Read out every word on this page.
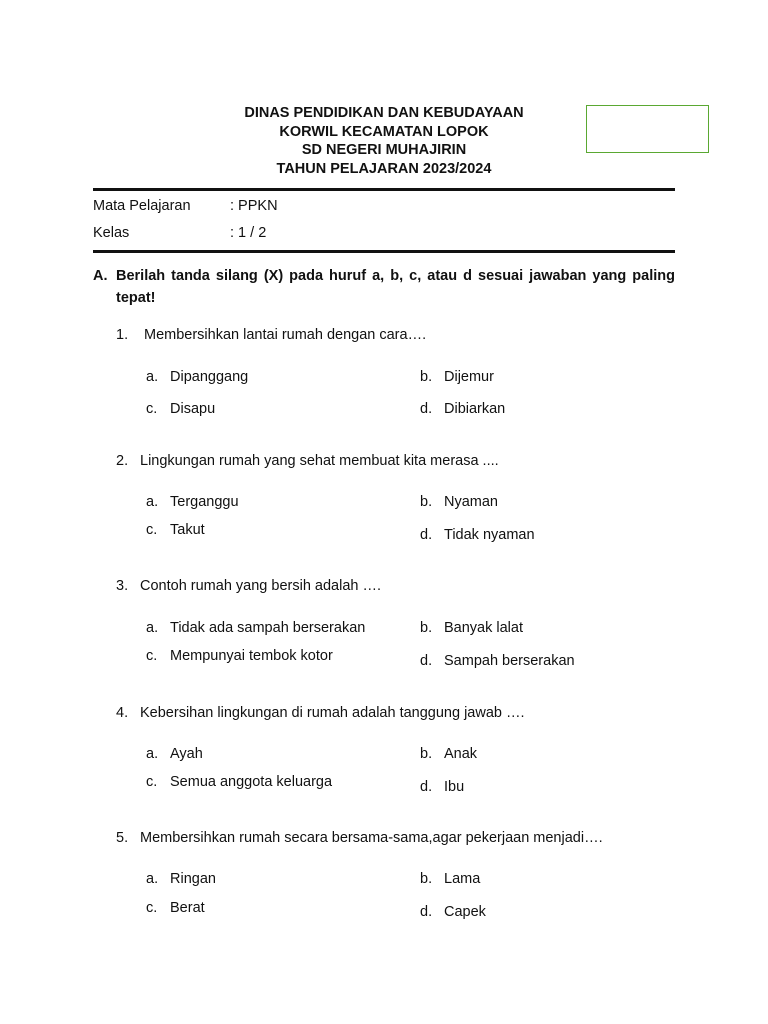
DINAS PENDIDIKAN DAN KEBUDAYAAN
KORWIL KECAMATAN LOPOK
SD NEGERI MUHAJIRIN
TAHUN PELAJARAN 2023/2024
Mata Pelajaran	: PPKN
Kelas	: 1 / 2
A. Berilah tanda silang (X) pada huruf a, b, c, atau d sesuai jawaban yang paling tepat!
1. Membersihkan lantai rumah dengan cara….
a. Dipanggang	b. Dijemur
c. Disapu	d. Dibiarkan
2. Lingkungan rumah yang sehat membuat kita merasa ....
a. Terganggu	b. Nyaman
c. Takut	d. Tidak nyaman
3. Contoh rumah yang bersih adalah ….
a. Tidak ada sampah berserakan	b. Banyak lalat
c. Mempunyai tembok kotor	d. Sampah berserakan
4. Kebersihan lingkungan di rumah adalah tanggung jawab ….
a. Ayah	b. Anak
c. Semua anggota keluarga	d. Ibu
5. Membersihkan rumah secara bersama-sama,agar pekerjaan menjadi….
a. Ringan	b. Lama
c. Berat	d. Capek
